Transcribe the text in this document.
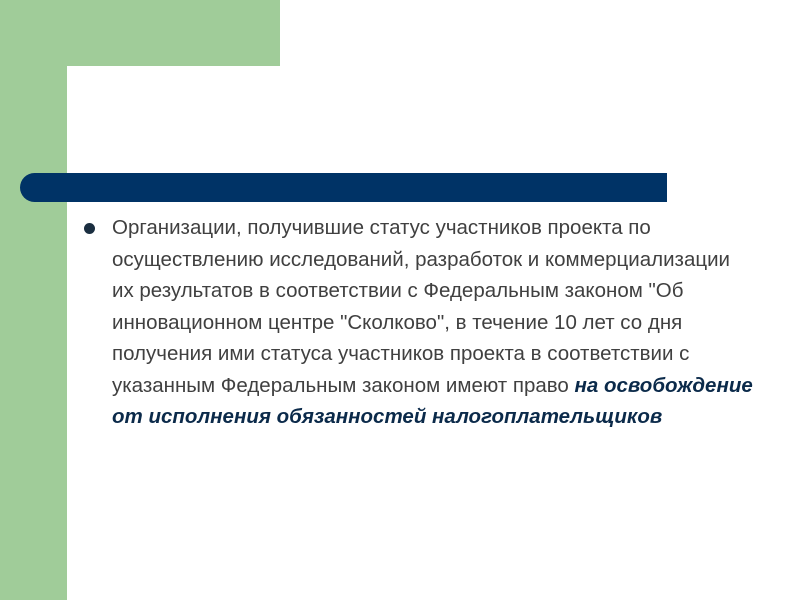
Организации, получившие статус участников проекта по осуществлению исследований, разработок и коммерциализации их результатов в соответствии с Федеральным законом "Об инновационном центре "Сколково", в течение 10 лет со дня получения ими статуса участников проекта в соответствии с указанным Федеральным законом имеют право на освобождение от исполнения обязанностей налогоплательщиков
